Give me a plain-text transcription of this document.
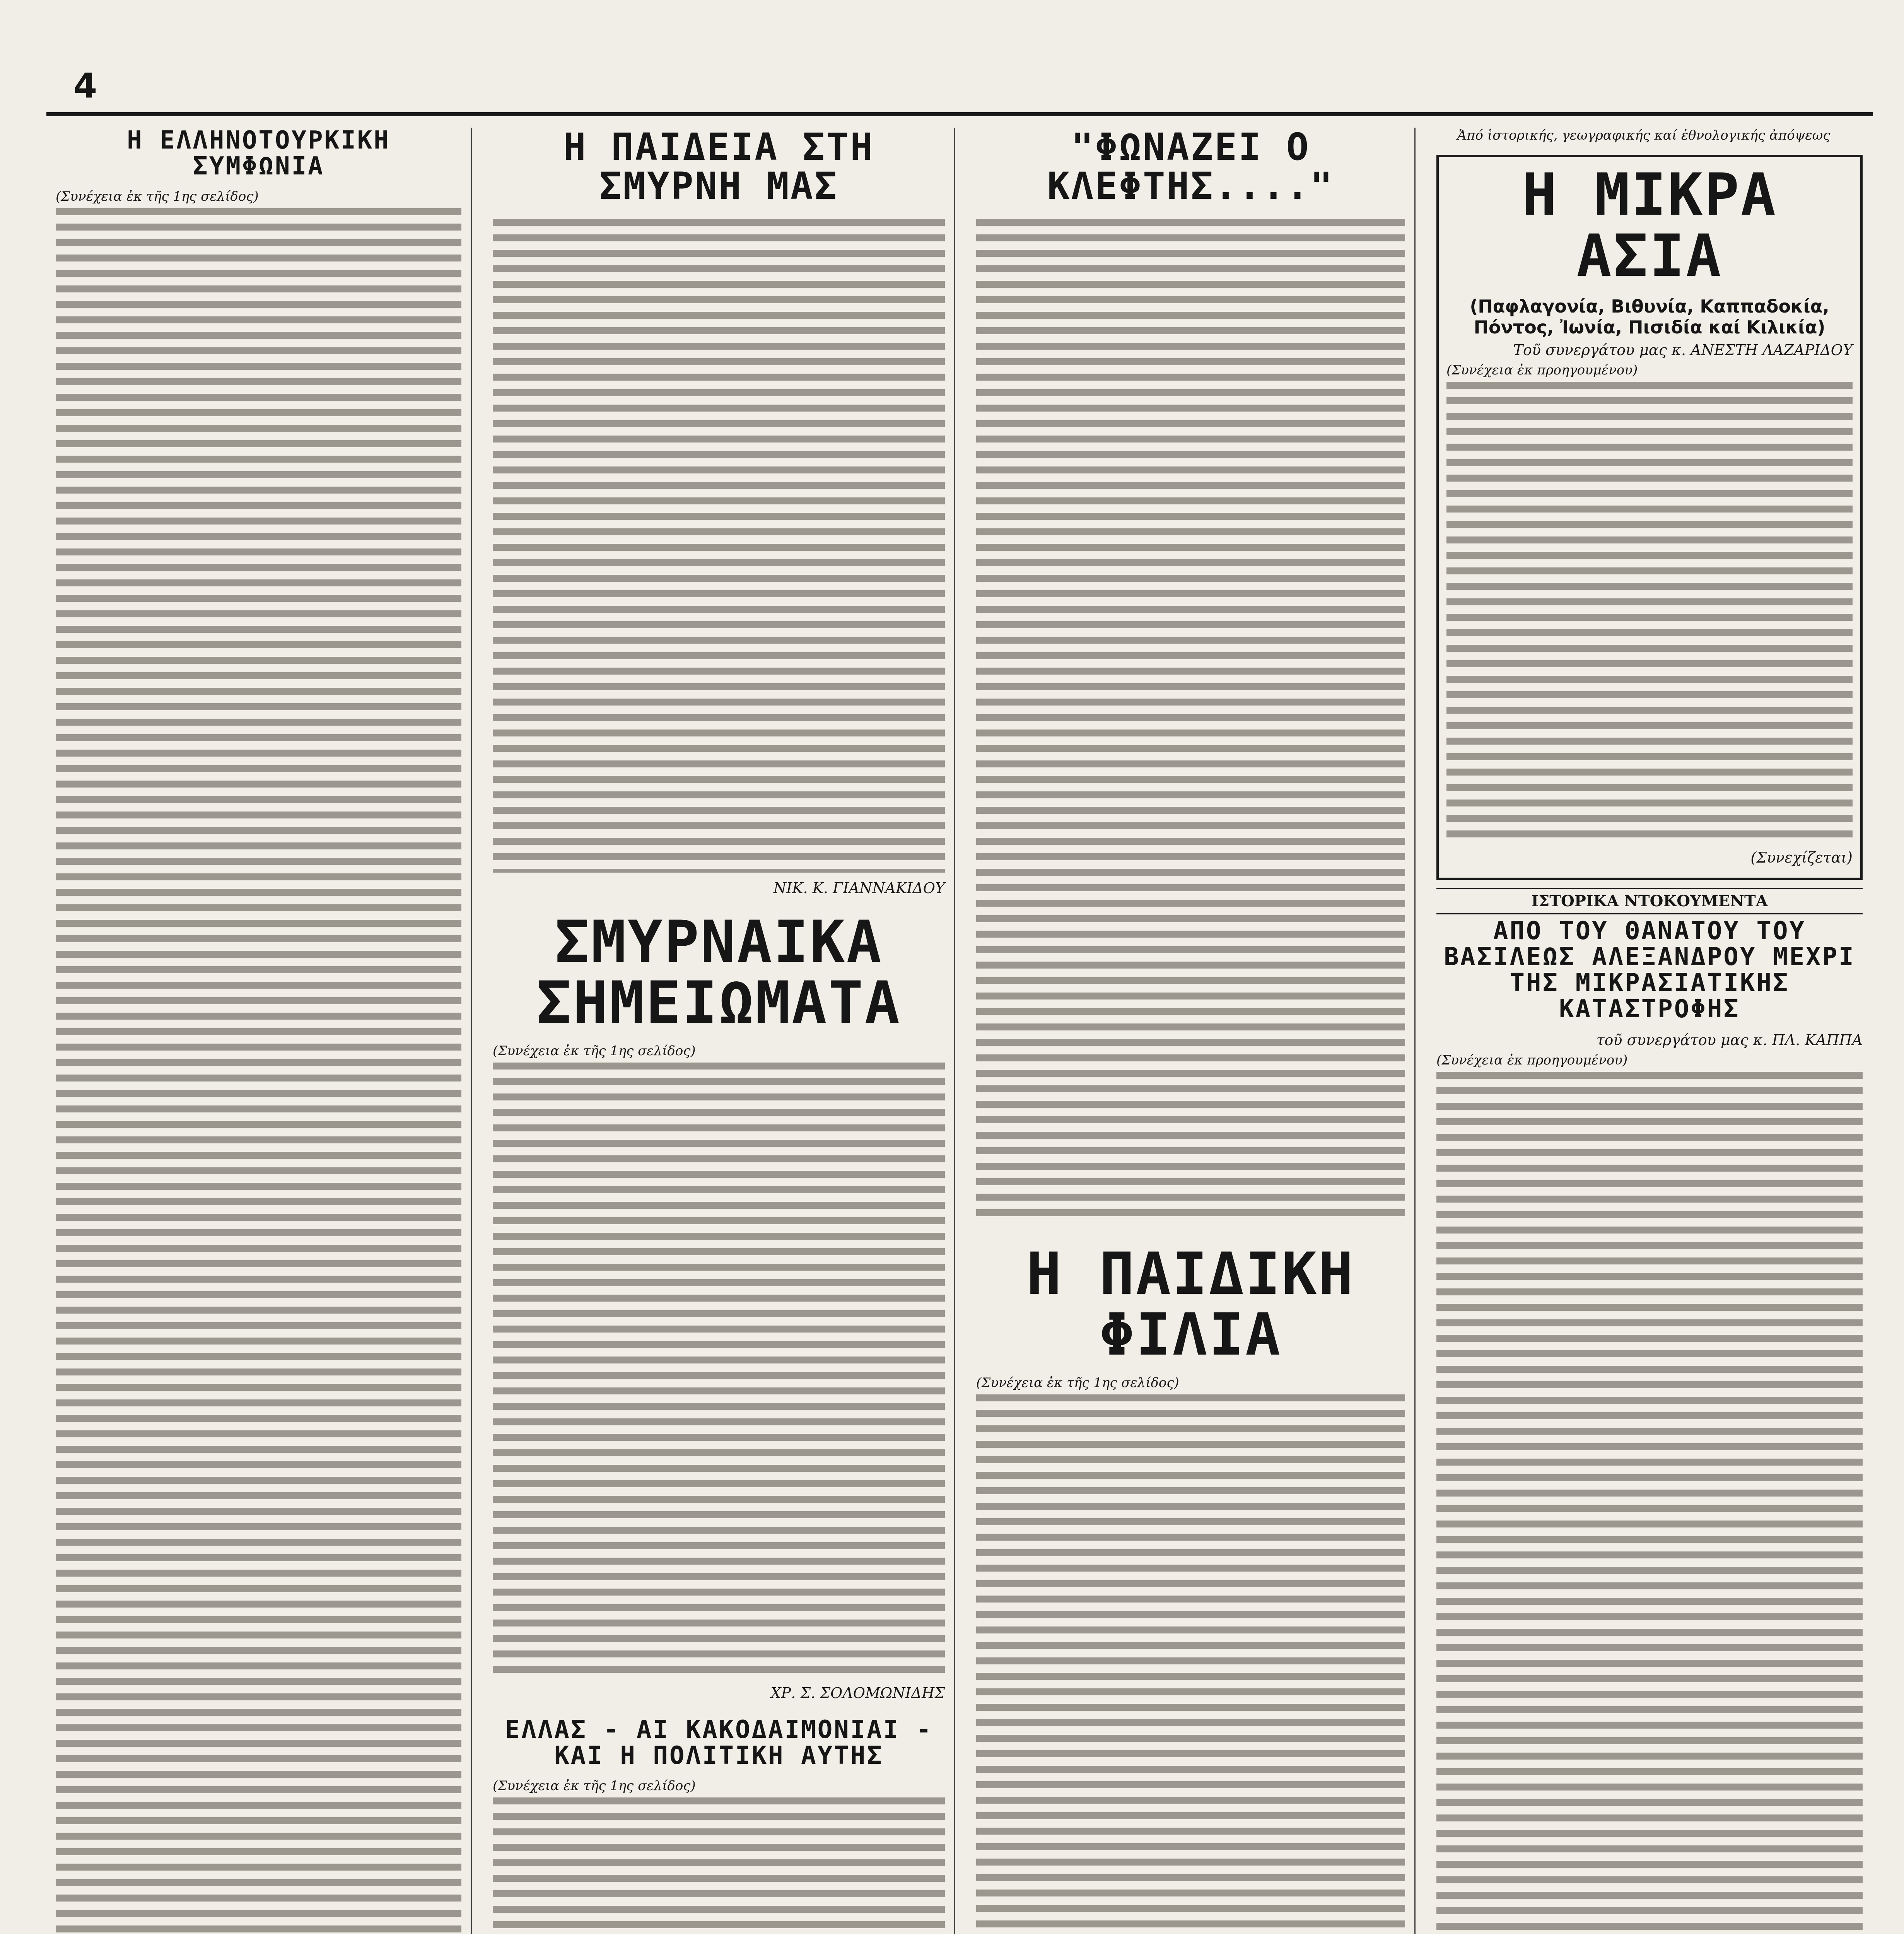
4
Ἀπό ἱστορικής, γεωγραφικής καί ἐθνολογικής ἀπόψεως
Η ΕΛΛΗΝΟΤΟΥΡΚΙΚΗ ΣΥΜΦΩΝΙΑ
(Συνέχεια ἐκ τῆς 1ης σελίδος)
Η ΠΑΙΔΕΙΑ ΣΤΗ ΣΜΥΡΝΗ ΜΑΣ
ΝΙΚ. Κ. ΓΙΑΝΝΑΚΙΔΟΥ
ΣΜΥΡΝΑΙΚΑ ΣΗΜΕΙΩΜΑΤΑ
(Συνέχεια ἐκ τῆς 1ης σελίδος)
ΧΡ. Σ. ΣΟΛΟΜΩΝΙΔΗΣ
ΕΛΛΑΣ - ΑΙ ΚΑΚΟΔΑΙΜΟΝΙΑΙ - ΚΑΙ Η ΠΟΛΙΤΙΚΗ ΑΥΤΗΣ
(Συνέχεια ἐκ τῆς 1ης σελίδος)
"ΦΩΝΑΖΕΙ Ο ΚΛΕΦΤΗΣ...."
Η ΠΑΙΔΙΚΗ ΦΙΛΙΑ
(Συνέχεια ἐκ τῆς 1ης σελίδος)
Η ΜΙΚΡΑ ΑΣΙΑ
(Παφλαγονία, Βιθυνία, Καππαδοκία, Πόντος, Ἰωνία, Πισιδία καί Κιλικία)
Τοῦ συνεργάτου μας κ. ΑΝΕΣΤΗ ΛΑΖΑΡΙΔΟΥ
(Συνέχεια ἐκ προηγουμένου)
(Συνεχίζεται)
ΙΣΤΟΡΙΚΑ ΝΤΟΚΟΥΜΕΝΤΑ
ΑΠΟ ΤΟΥ ΘΑΝΑΤΟΥ ΤΟΥ ΒΑΣΙΛΕΩΣ ΑΛΕΞΑΝΔΡΟΥ ΜΕΧΡΙ ΤΗΣ ΜΙΚΡΑΣΙΑΤΙΚΗΣ ΚΑΤΑΣΤΡΟΦΗΣ
τοῦ συνεργάτου μας κ. ΠΛ. ΚΑΠΠΑ
(Συνέχεια ἐκ προηγουμένου)
